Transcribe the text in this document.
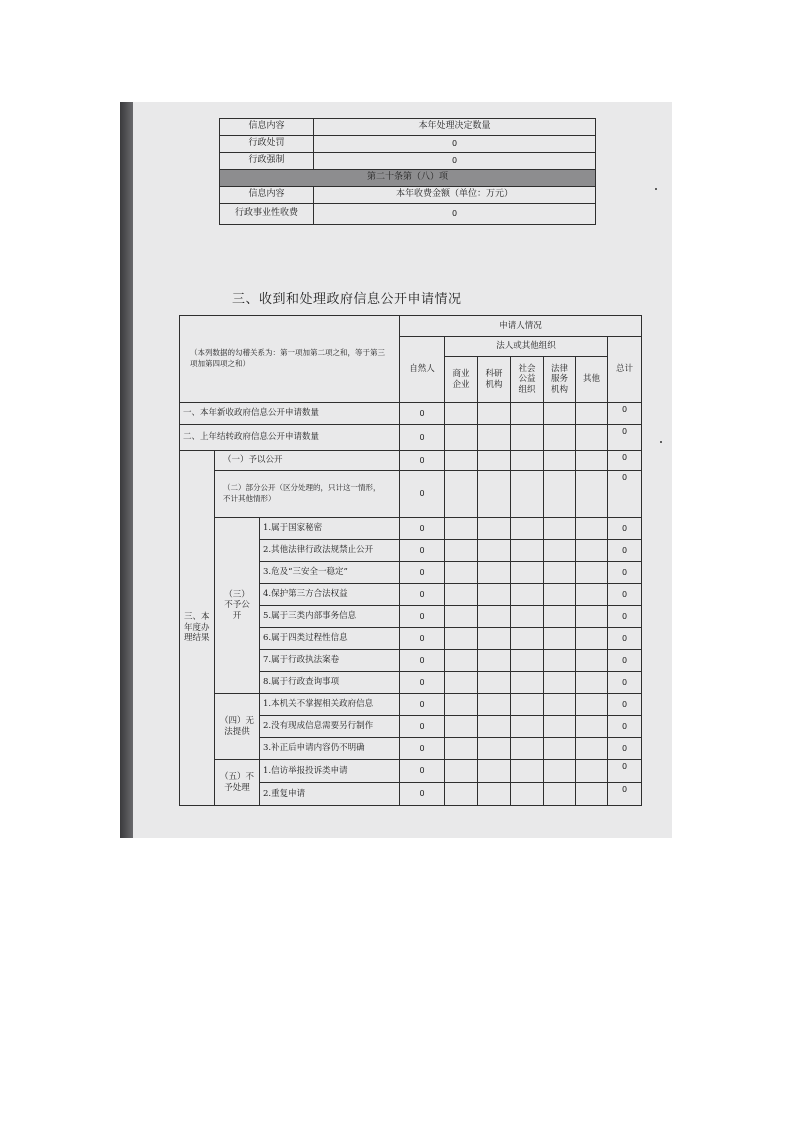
信息内容	本年处理决定数量
行政处罚	0
行政强制	0
第二十条第（八）项	
信息内容	本年收费金额（单位：万元）
行政事业性收费	0
三、收到和处理政府信息公开申请情况
（本列数据的勾稽关系为：第一项加第二项之和，等于第三项加第四项之和）			申请人情况						
			自然人	法人或其他组织					总计
				商业企业	科研机构	社会公益组织	法律服务机构	其他	
一、本年新收政府信息公开申请数量			0						0
二、上年结转政府信息公开申请数量			0						0
三、本年度办理结果	（一）予以公开		0						0
	（二）部分公开（区分处理的，只计这一情形，不计其他情形）		0						0
	（三）不予公开	1.属于国家秘密	0						0
		2.其他法律行政法规禁止公开	0						0
		3.危及“三安全一稳定”	0						0
		4.保护第三方合法权益	0						0
		5.属于三类内部事务信息	0						0
		6.属于四类过程性信息	0						0
		7.属于行政执法案卷	0						0
		8.属于行政查询事项	0						0
	（四）无法提供	1.本机关不掌握相关政府信息	0						0
		2.没有现成信息需要另行制作	0						0
		3.补正后申请内容仍不明确	0						0
	（五）不予处理	1.信访举报投诉类申请	0						0
		2.重复申请	0						0
